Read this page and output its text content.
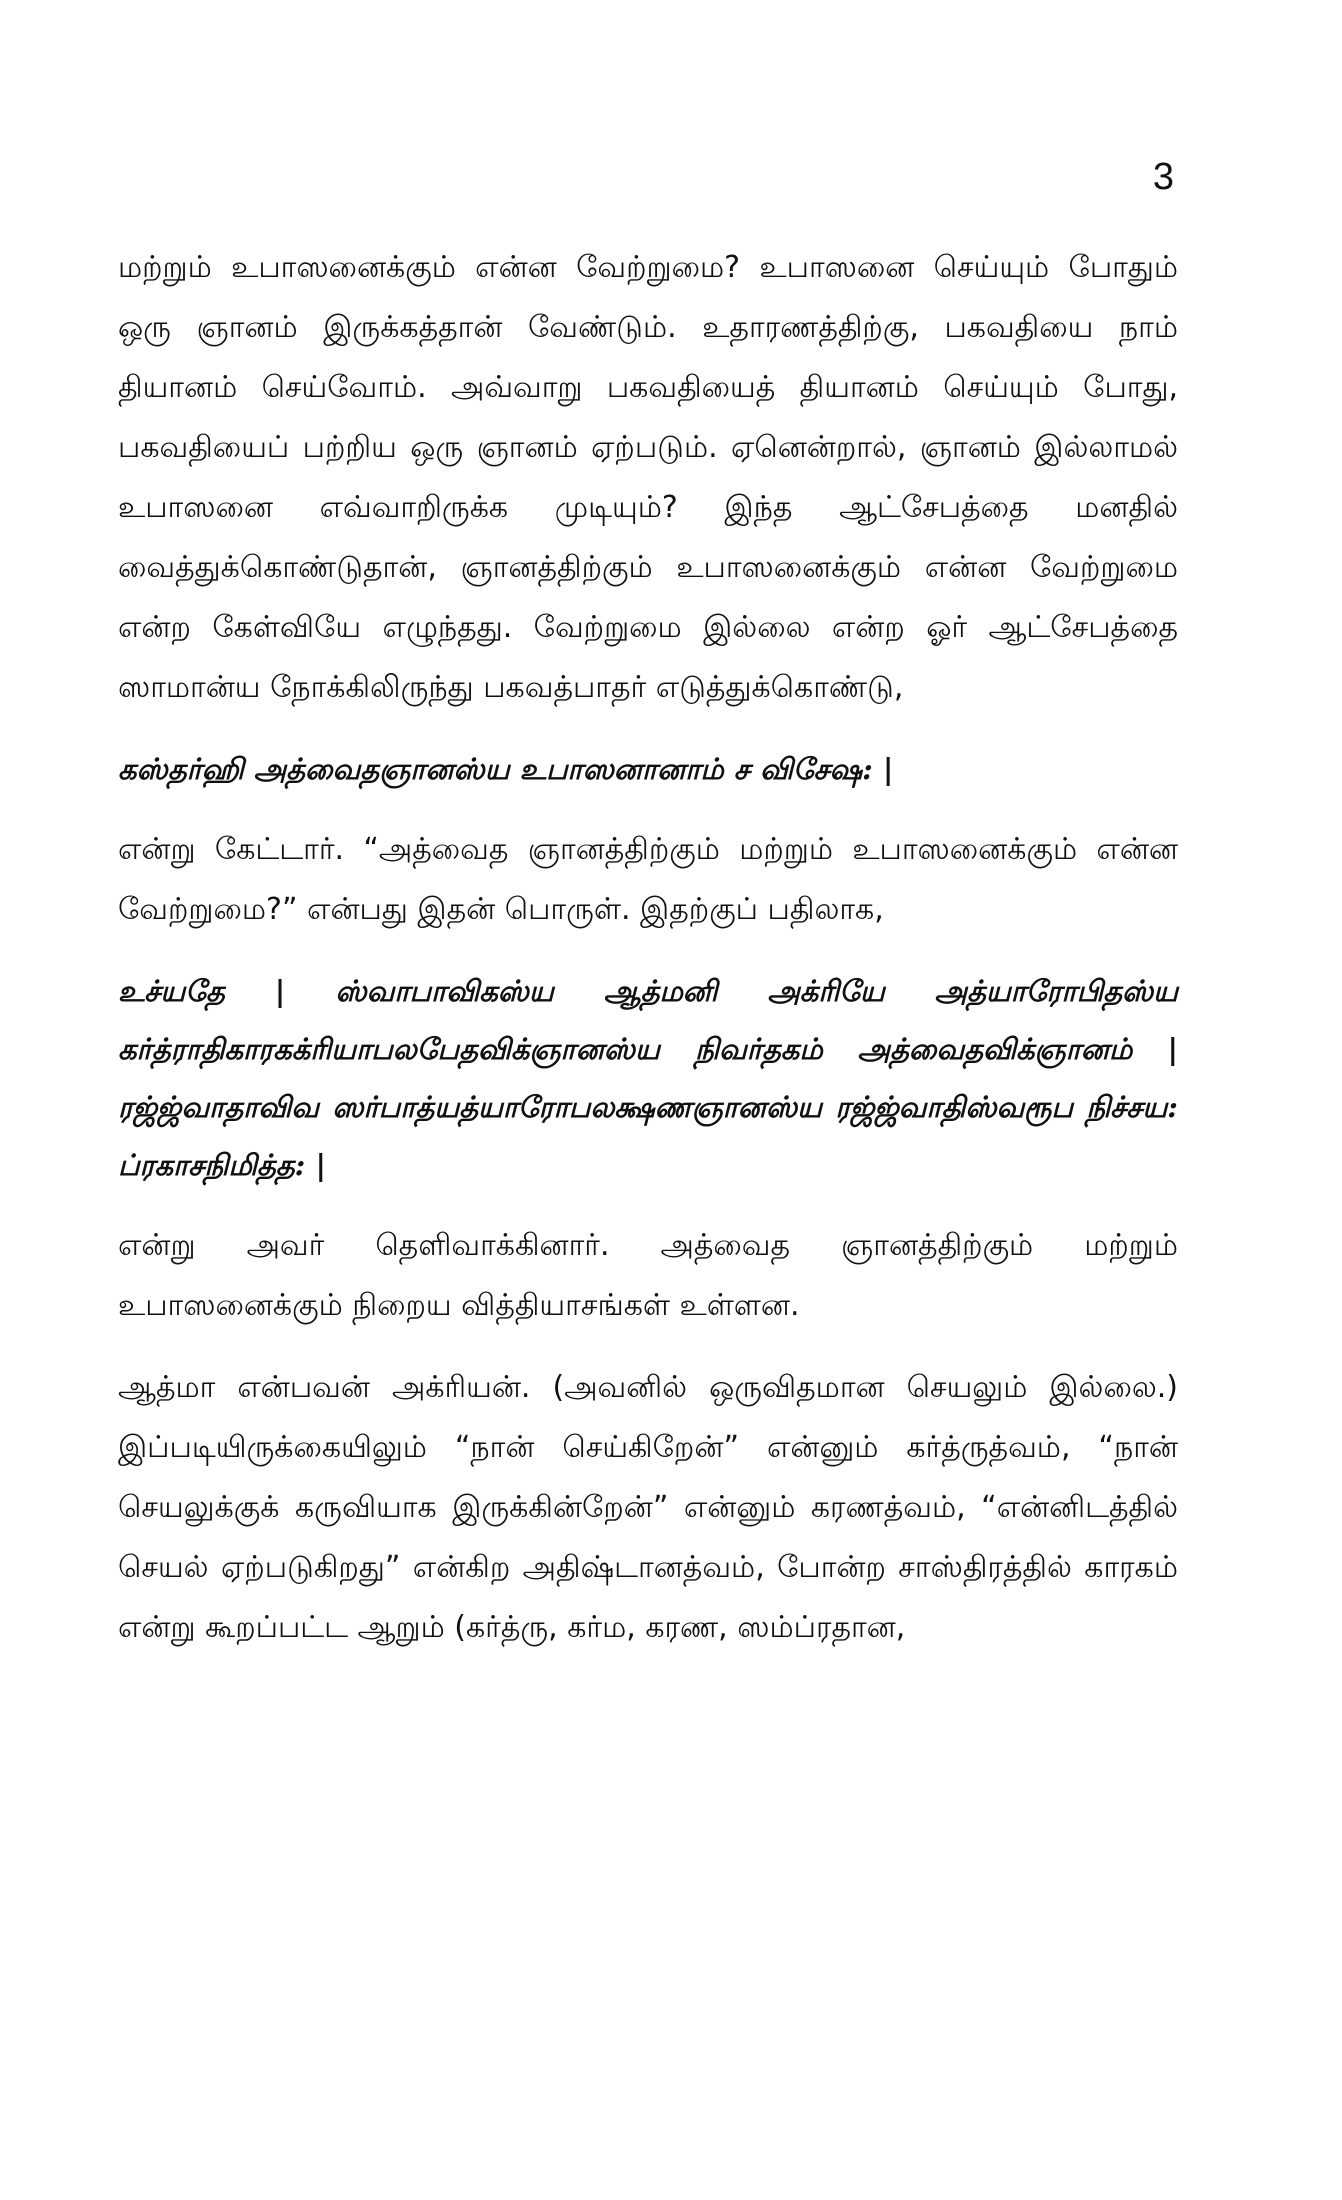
3

மற்றும் உபாஸனைக்கும் என்ன வேற்றுமை? உபாஸனை செய்யும் போதும் ஒரு ஞானம் இருக்கத்தான் வேண்டும். உதாரணத்திற்கு, பகவதியை நாம் தியானம் செய்வோம். அவ்வாறு பகவதியைத் தியானம் செய்யும் போது, பகவதியைப் பற்றிய ஒரு ஞானம் ஏற்படும். ஏனென்றால், ஞானம் இல்லாமல் உபாஸனை எவ்வாறிருக்க முடியும்? இந்த ஆட்சேபத்தை மனதில் வைத்துக்கொண்டுதான், ஞானத்திற்கும் உபாஸனைக்கும் என்ன வேற்றுமை என்ற கேள்வியே எழுந்தது. வேற்றுமை இல்லை என்ற ஓர் ஆட்சேபத்தை ஸாமான்ய நோக்கிலிருந்து பகவத்பாதர் எடுத்துக்கொண்டு,

கஸ்தர்ஹி அத்வைதஞானஸ்ய உபாஸனானாம் ச விசேஷ: |

என்று கேட்டார். “அத்வைத ஞானத்திற்கும் மற்றும் உபாஸனைக்கும் என்ன வேற்றுமை?” என்பது இதன் பொருள். இதற்குப் பதிலாக,

உச்யதே | ஸ்வாபாவிகஸ்ய ஆத்மனி அக்ரியே அத்யாரோபிதஸ்ய கர்த்ராதிகாரகக்ரியாபலபேதவிக்ஞானஸ்ய நிவர்தகம் அத்வைதவிக்ஞானம் | ரஜ்ஜ்வாதாவிவ ஸர்பாத்யத்யாரோபலக்ஷணஞானஸ்ய ரஜ்ஜ்வாதிஸ்வரூப நிச்சய: ப்ரகாசநிமித்த: |

என்று அவர் தெளிவாக்கினார். அத்வைத ஞானத்திற்கும் மற்றும் உபாஸனைக்கும் நிறைய வித்தியாசங்கள் உள்ளன.

ஆத்மா என்பவன் அக்ரியன். (அவனில் ஒருவிதமான செயலும் இல்லை.) இப்படியிருக்கையிலும் “நான் செய்கிறேன்” என்னும் கர்த்ருத்வம், “நான் செயலுக்குக் கருவியாக இருக்கின்றேன்” என்னும் கரணத்வம், “என்னிடத்தில் செயல் ஏற்படுகிறது” என்கிற அதிஷ்டானத்வம், போன்ற சாஸ்திரத்தில் காரகம் என்று கூறப்பட்ட ஆறும் (கர்த்ரு, கர்ம, கரண, ஸம்ப்ரதான,
